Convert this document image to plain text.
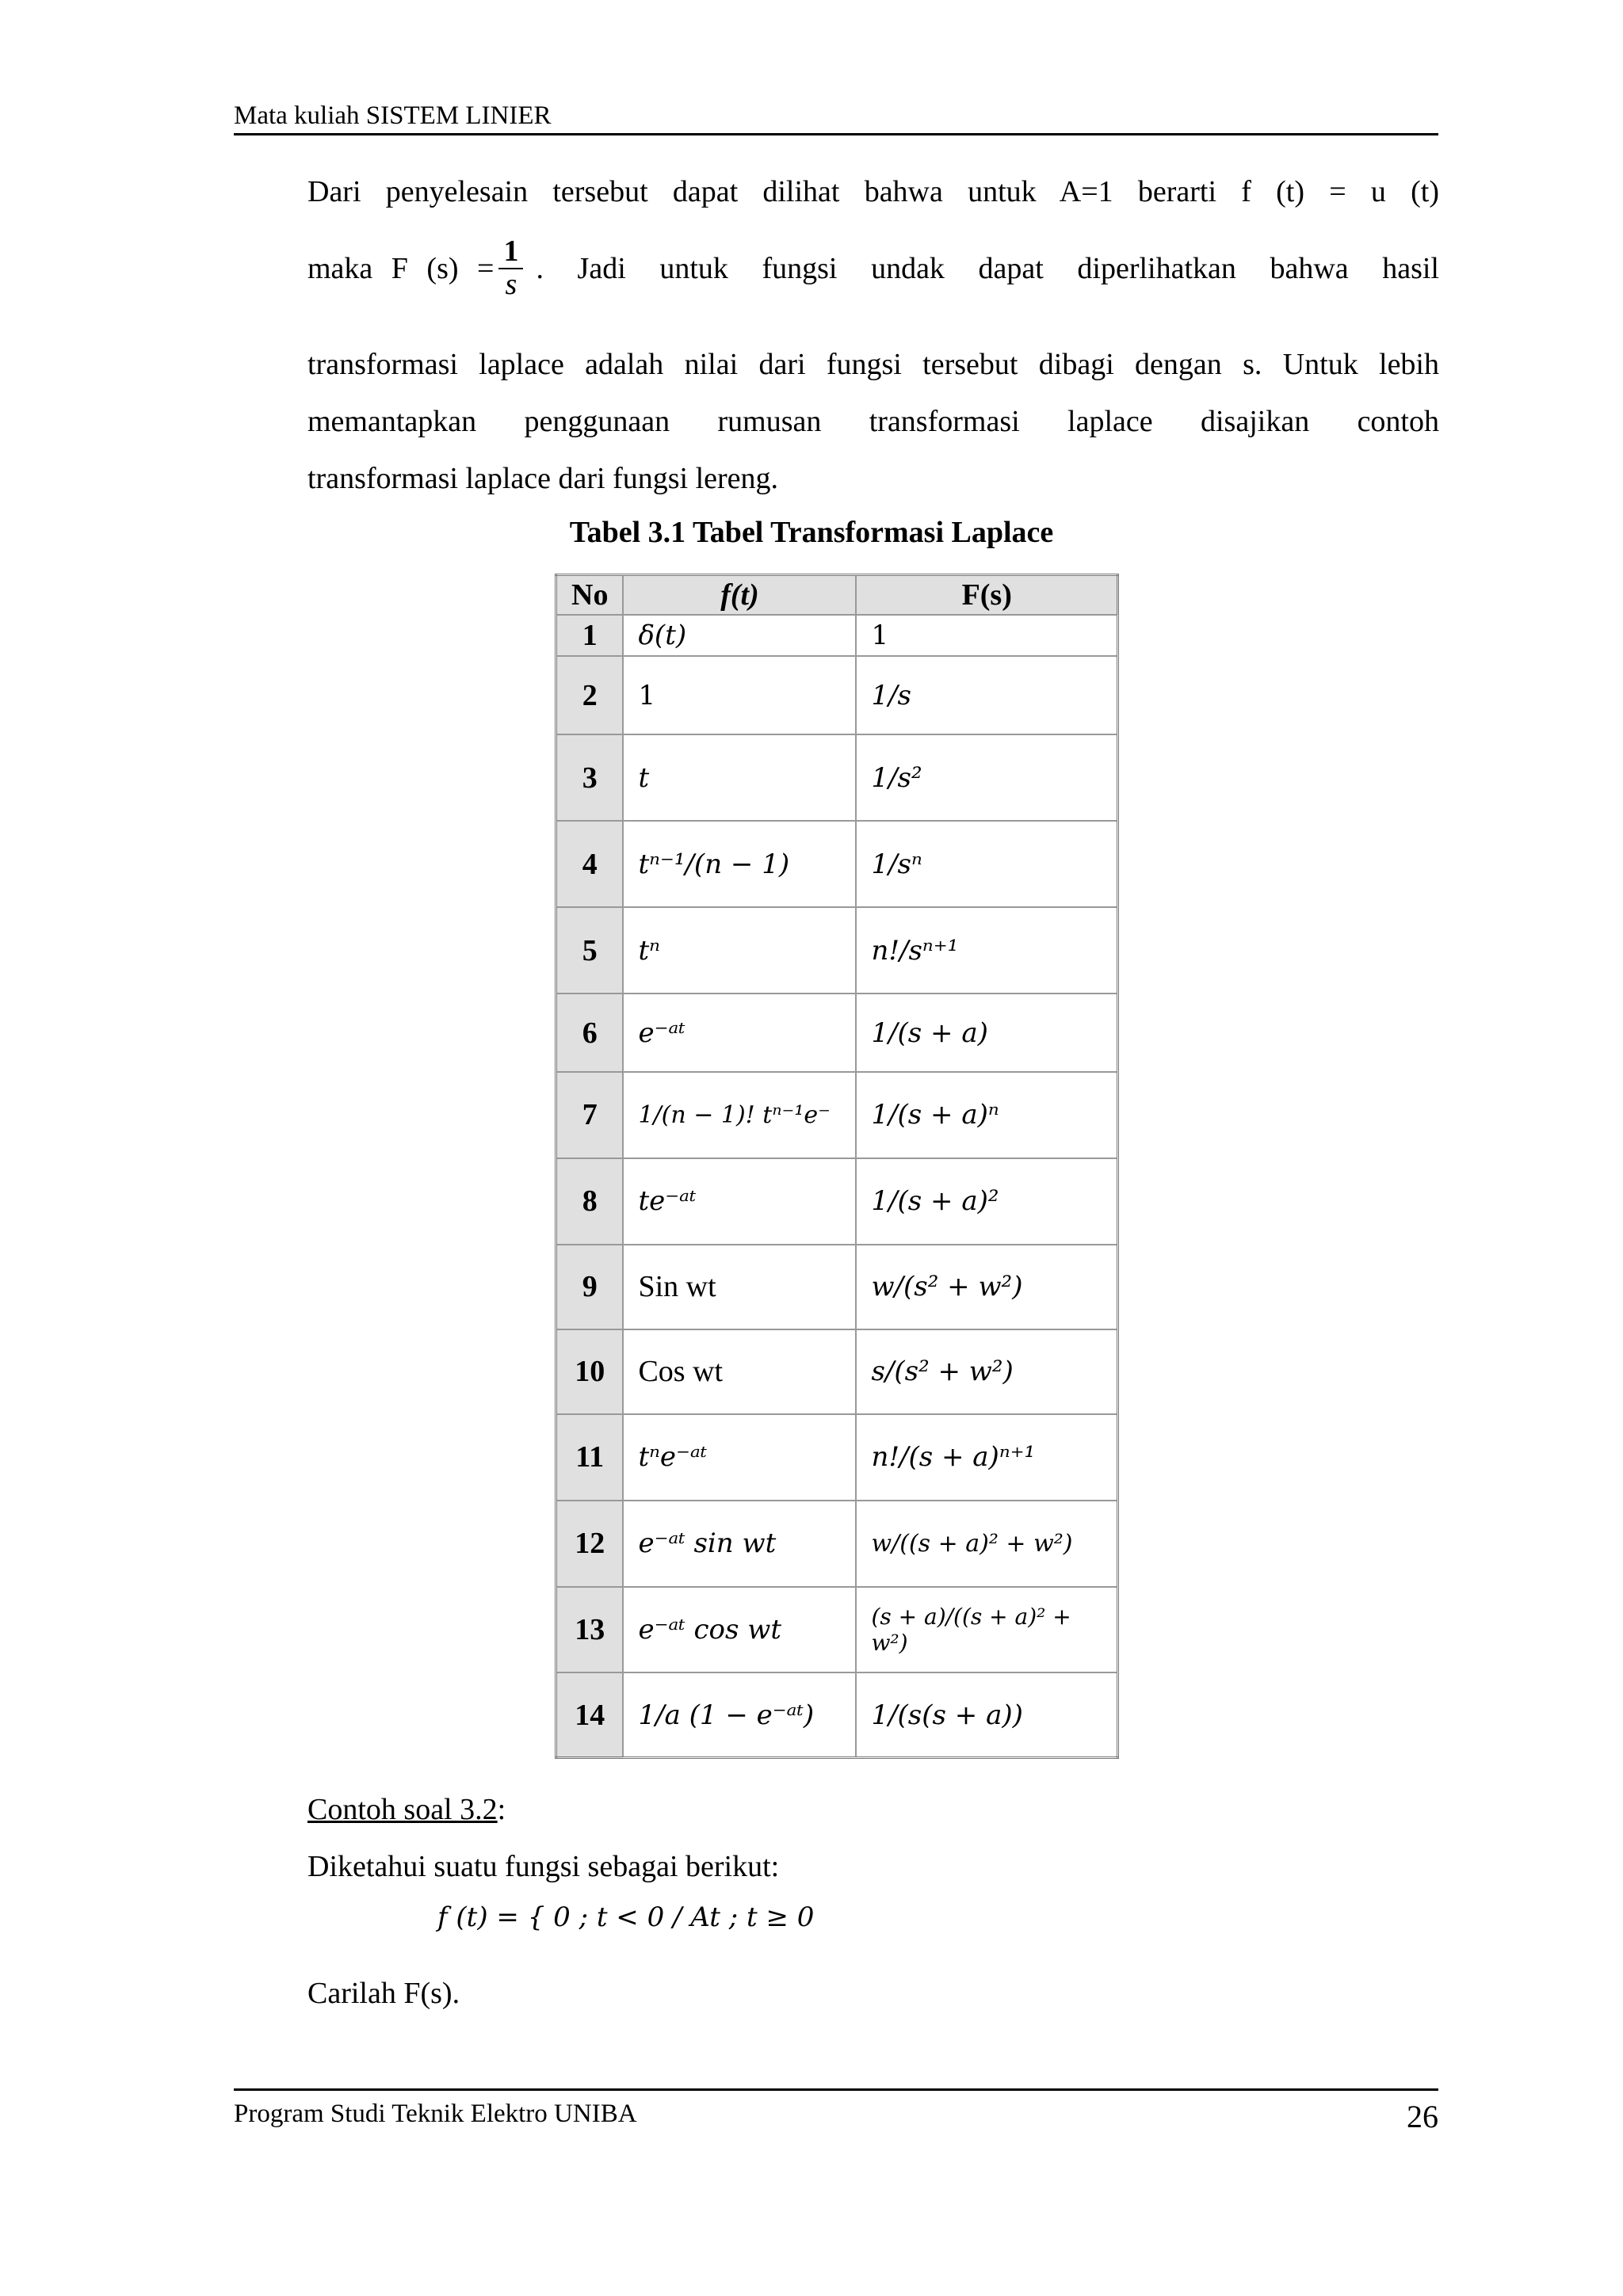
Mata kuliah SISTEM LINIER
Dari penyelesain tersebut dapat dilihat bahwa untuk A=1 berarti f (t) = u (t)
maka F $(s) = \frac{1}{s}$ . Jadi untuk fungsi undak dapat diperlihatkan bahwa hasil
transformasi laplace adalah nilai dari fungsi tersebut dibagi dengan s. Untuk lebih
memantapkan penggunaan rumusan transformasi laplace disajikan contoh
transformasi laplace dari fungsi lereng.
Tabel 3.1 Tabel Transformasi Laplace
No	f(t)	F(s)
1	δ(t)	1
2	1	1/s
3	t	1/s²
4	tⁿ⁻¹/(n − 1)	1/sⁿ
5	tⁿ	n!/sⁿ⁺¹
6	e⁻ᵃᵗ	1/(s + a)
7	1/(n − 1)! tⁿ⁻¹e⁻	1/(s + a)ⁿ
8	te⁻ᵃᵗ	1/(s + a)²
9	Sin wt	w/(s² + w²)
10	Cos wt	s/(s² + w²)
11	tⁿe⁻ᵃᵗ	n!/(s + a)ⁿ⁺¹
12	e⁻ᵃᵗ sin wt	w/((s + a)² + w²)
13	e⁻ᵃᵗ cos wt	(s + a)/((s + a)² + w²)
14	1/a (1 − e⁻ᵃᵗ)	1/(s(s + a))
Contoh soal 3.2:
Diketahui suatu fungsi sebagai berikut:
f (t) = { 0 ; t < 0 / At ; t ≥ 0
Carilah F(s).
Program Studi Teknik Elektro UNIBA	26
